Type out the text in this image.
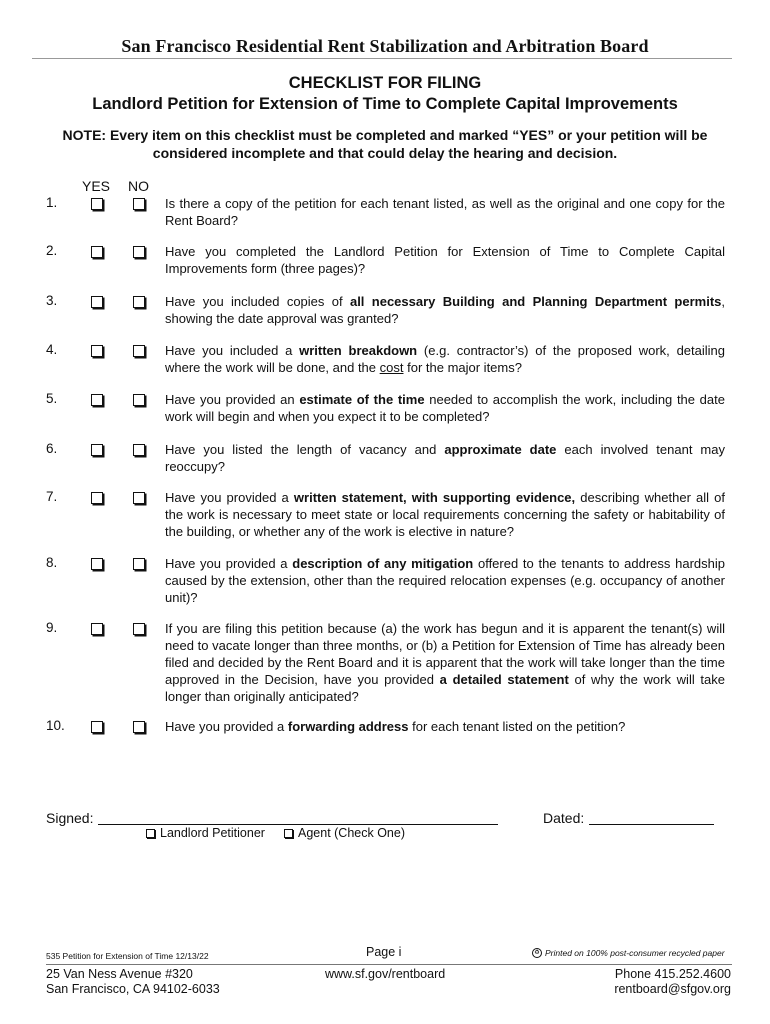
San Francisco Residential Rent Stabilization and Arbitration Board
CHECKLIST FOR FILING
Landlord Petition for Extension of Time to Complete Capital Improvements
NOTE: Every item on this checklist must be completed and marked “YES” or your petition will be considered incomplete and that could delay the hearing and decision.
YES NO
1.	Is there a copy of the petition for each tenant listed, as well as the original and one copy for the Rent Board?
2.	Have you completed the Landlord Petition for Extension of Time to Complete Capital Improvements form (three pages)?
3.	Have you included copies of all necessary Building and Planning Department permits, showing the date approval was granted?
4.	Have you included a written breakdown (e.g. contractor’s) of the proposed work, detailing where the work will be done, and the cost for the major items?
5.	Have you provided an estimate of the time needed to accomplish the work, including the date work will begin and when you expect it to be completed?
6.	Have you listed the length of vacancy and approximate date each involved tenant may reoccupy?
7.	Have you provided a written statement, with supporting evidence, describing whether all of the work is necessary to meet state or local requirements concerning the safety or habitability of the building, or whether any of the work is elective in nature?
8.	Have you provided a description of any mitigation offered to the tenants to address hardship caused by the extension, other than the required relocation expenses (e.g. occupancy of another unit)?
9.	If you are filing this petition because (a) the work has begun and it is apparent the tenant(s) will need to vacate longer than three months, or (b) a Petition for Extension of Time has already been filed and decided by the Rent Board and it is apparent that the work will take longer than the time approved in the Decision, have you provided a detailed statement of why the work will take longer than originally anticipated?
10.	Have you provided a forwarding address for each tenant listed on the petition?
Signed:	Dated:
Landlord Petitioner	Agent (Check One)
535 Petition for Extension of Time 12/13/22	Page i	♻ Printed on 100% post-consumer recycled paper
25 Van Ness Avenue #320
San Francisco, CA 94102-6033
www.sf.gov/rentboard	Phone 415.252.4600
rentboard@sfgov.org
